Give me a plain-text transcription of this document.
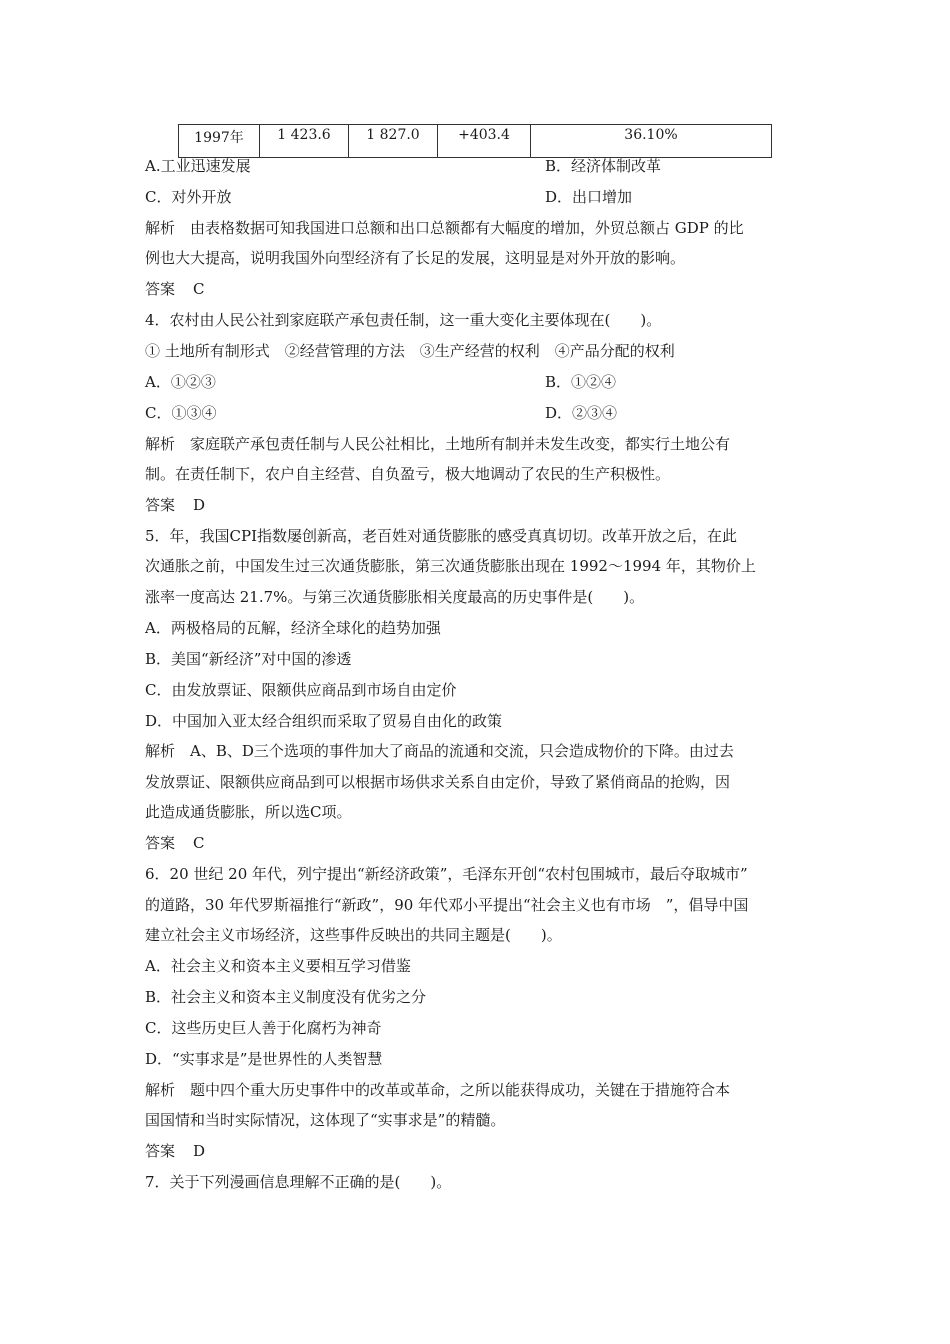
1997年	1 423.6	1 827.0	+403.4	36.10%
A.工业迅速发展	B．经济体制改革
C．对外开放	D．出口增加
解析　由表格数据可知我国进口总额和出口总额都有大幅度的增加，外贸总额占 GDP 的比
例也大大提高，说明我国外向型经济有了长足的发展，这明显是对外开放的影响。
答案 C
4．农村由人民公社到家庭联产承包责任制，这一重大变化主要体现在(　　)。
① 土地所有制形式　②经营管理的方法　③生产经营的权利　④产品分配的权利
A．①②③	B．①②④
C．①③④	D．②③④
解析　家庭联产承包责任制与人民公社相比，土地所有制并未发生改变，都实行土地公有
制。在责任制下，农户自主经营、自负盈亏，极大地调动了农民的生产积极性。
答案 D
5．年，我国CPI指数屡创新高，老百姓对通货膨胀的感受真真切切。改革开放之后，在此
次通胀之前，中国发生过三次通货膨胀，第三次通货膨胀出现在 1992～1994 年，其物价上
涨率一度高达 21.7%。与第三次通货膨胀相关度最高的历史事件是(　　)。
A．两极格局的瓦解，经济全球化的趋势加强
B．美国“新经济”对中国的渗透
C．由发放票证、限额供应商品到市场自由定价
D．中国加入亚太经合组织而采取了贸易自由化的政策
解析　A、B、D三个选项的事件加大了商品的流通和交流，只会造成物价的下降。由过去
发放票证、限额供应商品到可以根据市场供求关系自由定价，导致了紧俏商品的抢购，因
此造成通货膨胀，所以选C项。
答案 C
6．20 世纪 20 年代，列宁提出“新经济政策”，毛泽东开创“农村包围城市，最后夺取城市”
的道路，30 年代罗斯福推行“新政”，90 年代邓小平提出“社会主义也有市场　”，倡导中国
建立社会主义市场经济，这些事件反映出的共同主题是(　　)。
A．社会主义和资本主义要相互学习借鉴
B．社会主义和资本主义制度没有优劣之分
C．这些历史巨人善于化腐朽为神奇
D．“实事求是”是世界性的人类智慧
解析　题中四个重大历史事件中的改革或革命，之所以能获得成功，关键在于措施符合本
国国情和当时实际情况，这体现了“实事求是”的精髓。
答案 D
7．关于下列漫画信息理解不正确的是(　　)。
